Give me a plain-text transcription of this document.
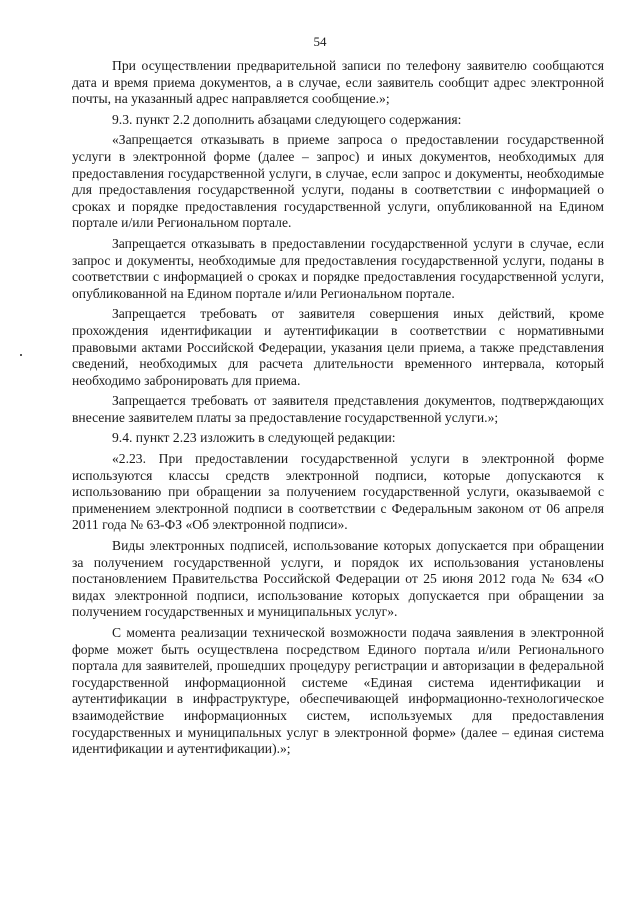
54

При осуществлении предварительной записи по телефону заявителю сообщаются дата и время приема документов, а в случае, если заявитель сообщит адрес электронной почты, на указанный адрес направляется сообщение.»;

9.3. пункт 2.2 дополнить абзацами следующего содержания:

«Запрещается отказывать в приеме запроса о предоставлении государственной услуги в электронной форме (далее – запрос) и иных документов, необходимых для предоставления государственной услуги, в случае, если запрос и документы, необходимые для предоставления государственной услуги, поданы в соответствии с информацией о сроках и порядке предоставления государственной услуги, опубликованной на Едином портале и/или Региональном портале.

Запрещается отказывать в предоставлении государственной услуги в случае, если запрос и документы, необходимые для предоставления государственной услуги, поданы в соответствии с информацией о сроках и порядке предоставления государственной услуги, опубликованной на Едином портале и/или Региональном портале.

Запрещается требовать от заявителя совершения иных действий, кроме прохождения идентификации и аутентификации в соответствии с нормативными правовыми актами Российской Федерации, указания цели приема, а также представления сведений, необходимых для расчета длительности временного интервала, который необходимо забронировать для приема.

Запрещается требовать от заявителя представления документов, подтверждающих внесение заявителем платы за предоставление государственной услуги.»;

9.4. пункт 2.23 изложить в следующей редакции:

«2.23. При предоставлении государственной услуги в электронной форме используются классы средств электронной подписи, которые допускаются к использованию при обращении за получением государственной услуги, оказываемой с применением электронной подписи в соответствии с Федеральным законом от 06 апреля 2011 года № 63-ФЗ «Об электронной подписи».

Виды электронных подписей, использование которых допускается при обращении за получением государственной услуги, и порядок их использования установлены постановлением Правительства Российской Федерации от 25 июня 2012 года № 634 «О видах электронной подписи, использование которых допускается при обращении за получением государственных и муниципальных услуг».

С момента реализации технической возможности подача заявления в электронной форме может быть осуществлена посредством Единого портала и/или Регионального портала для заявителей, прошедших процедуру регистрации и авторизации в федеральной государственной информационной системе «Единая система идентификации и аутентификации в инфраструктуре, обеспечивающей информационно-технологическое взаимодействие информационных систем, используемых для предоставления государственных и муниципальных услуг в электронной форме» (далее – единая система идентификации и аутентификации).»;
